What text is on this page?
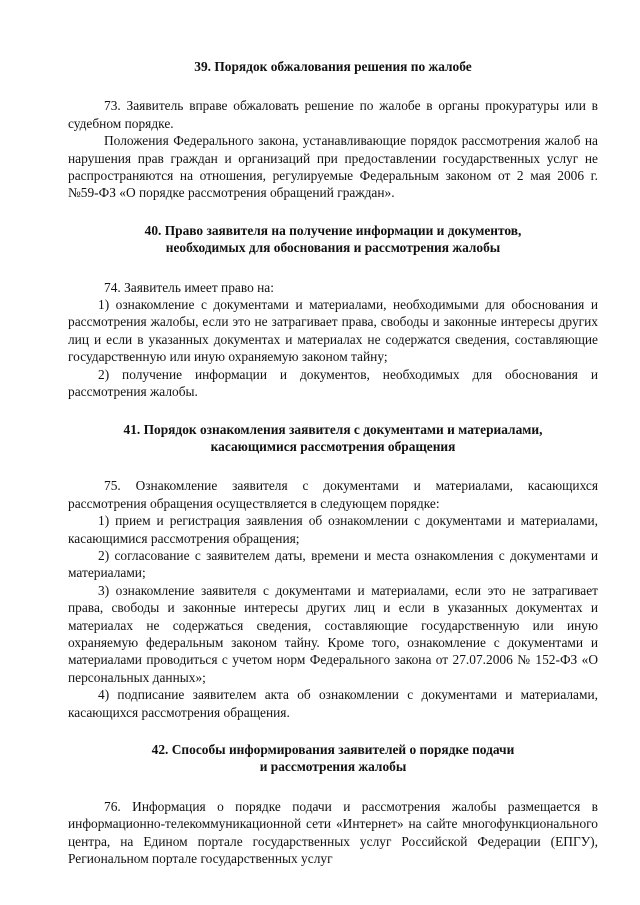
39. Порядок обжалования решения по жалобе

73. Заявитель вправе обжаловать решение по жалобе в органы прокуратуры или в судебном порядке.

Положения Федерального закона, устанавливающие порядок рассмотрения жалоб на нарушения прав граждан и организаций при предоставлении государственных услуг не распространяются на отношения, регулируемые Федеральным законом от 2 мая 2006 г. №59-ФЗ «О порядке рассмотрения обращений граждан».

40. Право заявителя на получение информации и документов,
необходимых для обоснования и рассмотрения жалобы

74. Заявитель имеет право на:

1) ознакомление с документами и материалами, необходимыми для обоснования и рассмотрения жалобы, если это не затрагивает права, свободы и законные интересы других лиц и если в указанных документах и материалах не содержатся сведения, составляющие государственную или иную охраняемую законом тайну;

2) получение информации и документов, необходимых для обоснования и рассмотрения жалобы.

41. Порядок ознакомления заявителя с документами и материалами,
касающимися рассмотрения обращения

75. Ознакомление заявителя с документами и материалами, касающихся рассмотрения обращения осуществляется в следующем порядке:

1) прием и регистрация заявления об ознакомлении с документами и материалами, касающимися рассмотрения обращения;

2) согласование с заявителем даты, времени и места ознакомления с документами и материалами;

3) ознакомление заявителя с документами и материалами, если это не затрагивает права, свободы и законные интересы других лиц и если в указанных документах и материалах не содержаться сведения, составляющие государственную или иную охраняемую федеральным законом тайну. Кроме того, ознакомление с документами и материалами проводиться с учетом норм Федерального закона от 27.07.2006 № 152-ФЗ «О персональных данных»;

4) подписание заявителем акта об ознакомлении с документами и материалами, касающихся рассмотрения обращения.

42. Способы информирования заявителей о порядке подачи
и рассмотрения жалобы

76. Информация о порядке подачи и рассмотрения жалобы размещается в информационно-телекоммуникационной сети «Интернет» на сайте многофункционального центра, на Едином портале государственных услуг Российской Федерации (ЕПГУ), Региональном портале государственных услуг
